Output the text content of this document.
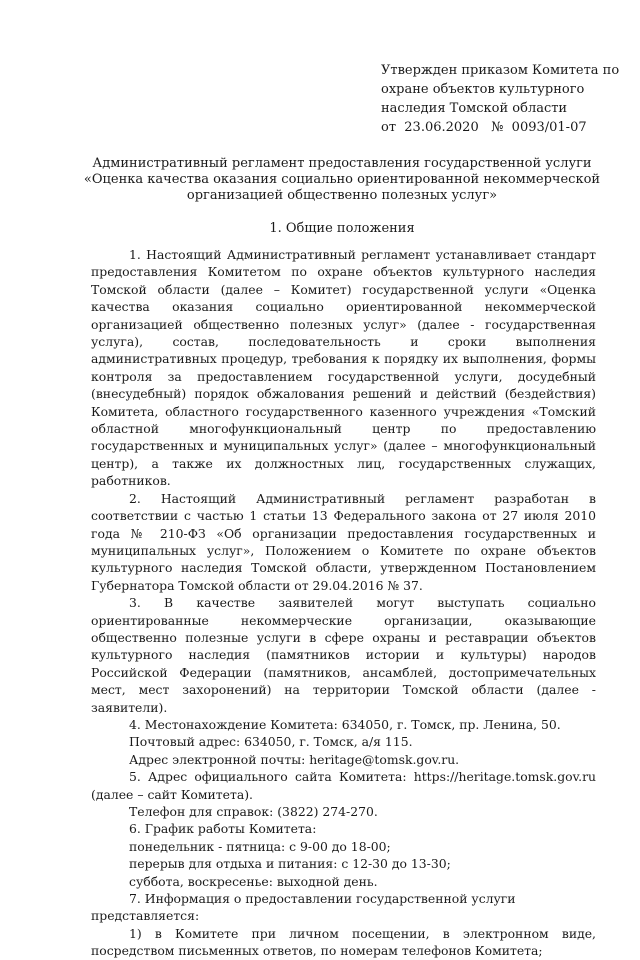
Утвержден приказом Комитета по
охране объектов культурного
наследия Томской области
от  23.06.2020   №  0093/01-07
Административный регламент предоставления государственной услуги
«Оценка качества оказания социально ориентированной некоммерческой
организацией общественно полезных услуг»
1. Общие положения

1. Настоящий Административный регламент устанавливает стандарт предоставления Комитетом по охране объектов культурного наследия Томской области (далее – Комитет) государственной услуги «Оценка качества оказания социально ориентированной некоммерческой организацией общественно полезных услуг» (далее - государственная услуга), состав, последовательность и сроки выполнения административных процедур, требования к порядку их выполнения, формы контроля за предоставлением государственной услуги, досудебный (внесудебный) порядок обжалования решений и действий (бездействия) Комитета, областного государственного казенного учреждения «Томский областной многофункциональный центр по предоставлению государственных и муниципальных услуг» (далее – многофункциональный центр), а также их должностных лиц, государственных служащих, работников.

2. Настоящий Административный регламент разработан в соответствии с частью 1 статьи 13 Федерального закона от 27 июля 2010 года № 210-ФЗ «Об организации предоставления государственных и муниципальных услуг», Положением о Комитете по охране объектов культурного наследия Томской области, утвержденном Постановлением Губернатора Томской области от 29.04.2016 № 37.

3. В качестве заявителей могут выступать социально ориентированные некоммерческие организации, оказывающие общественно полезные услуги в сфере охраны и реставрации объектов культурного наследия (памятников истории и культуры) народов Российской Федерации (памятников, ансамблей, достопримечательных мест, мест захоронений) на территории Томской области (далее - заявители).

4. Местонахождение Комитета: 634050, г. Томск, пр. Ленина, 50.

Почтовый адрес: 634050, г. Томск, а/я 115.

Адрес электронной почты: heritage@tomsk.gov.ru.

5. Адрес официального сайта Комитета: https://heritage.tomsk.gov.ru (далее – сайт Комитета).

Телефон для справок: (3822) 274-270.

6. График работы Комитета:

понедельник - пятница: с 9-00 до 18-00;

перерыв для отдыха и питания: с 12-30 до 13-30;

суббота, воскресенье: выходной день.

7. Информация о предоставлении государственной услуги представляется:

1) в Комитете при личном посещении, в электронном виде, посредством письменных ответов, по номерам телефонов Комитета;
